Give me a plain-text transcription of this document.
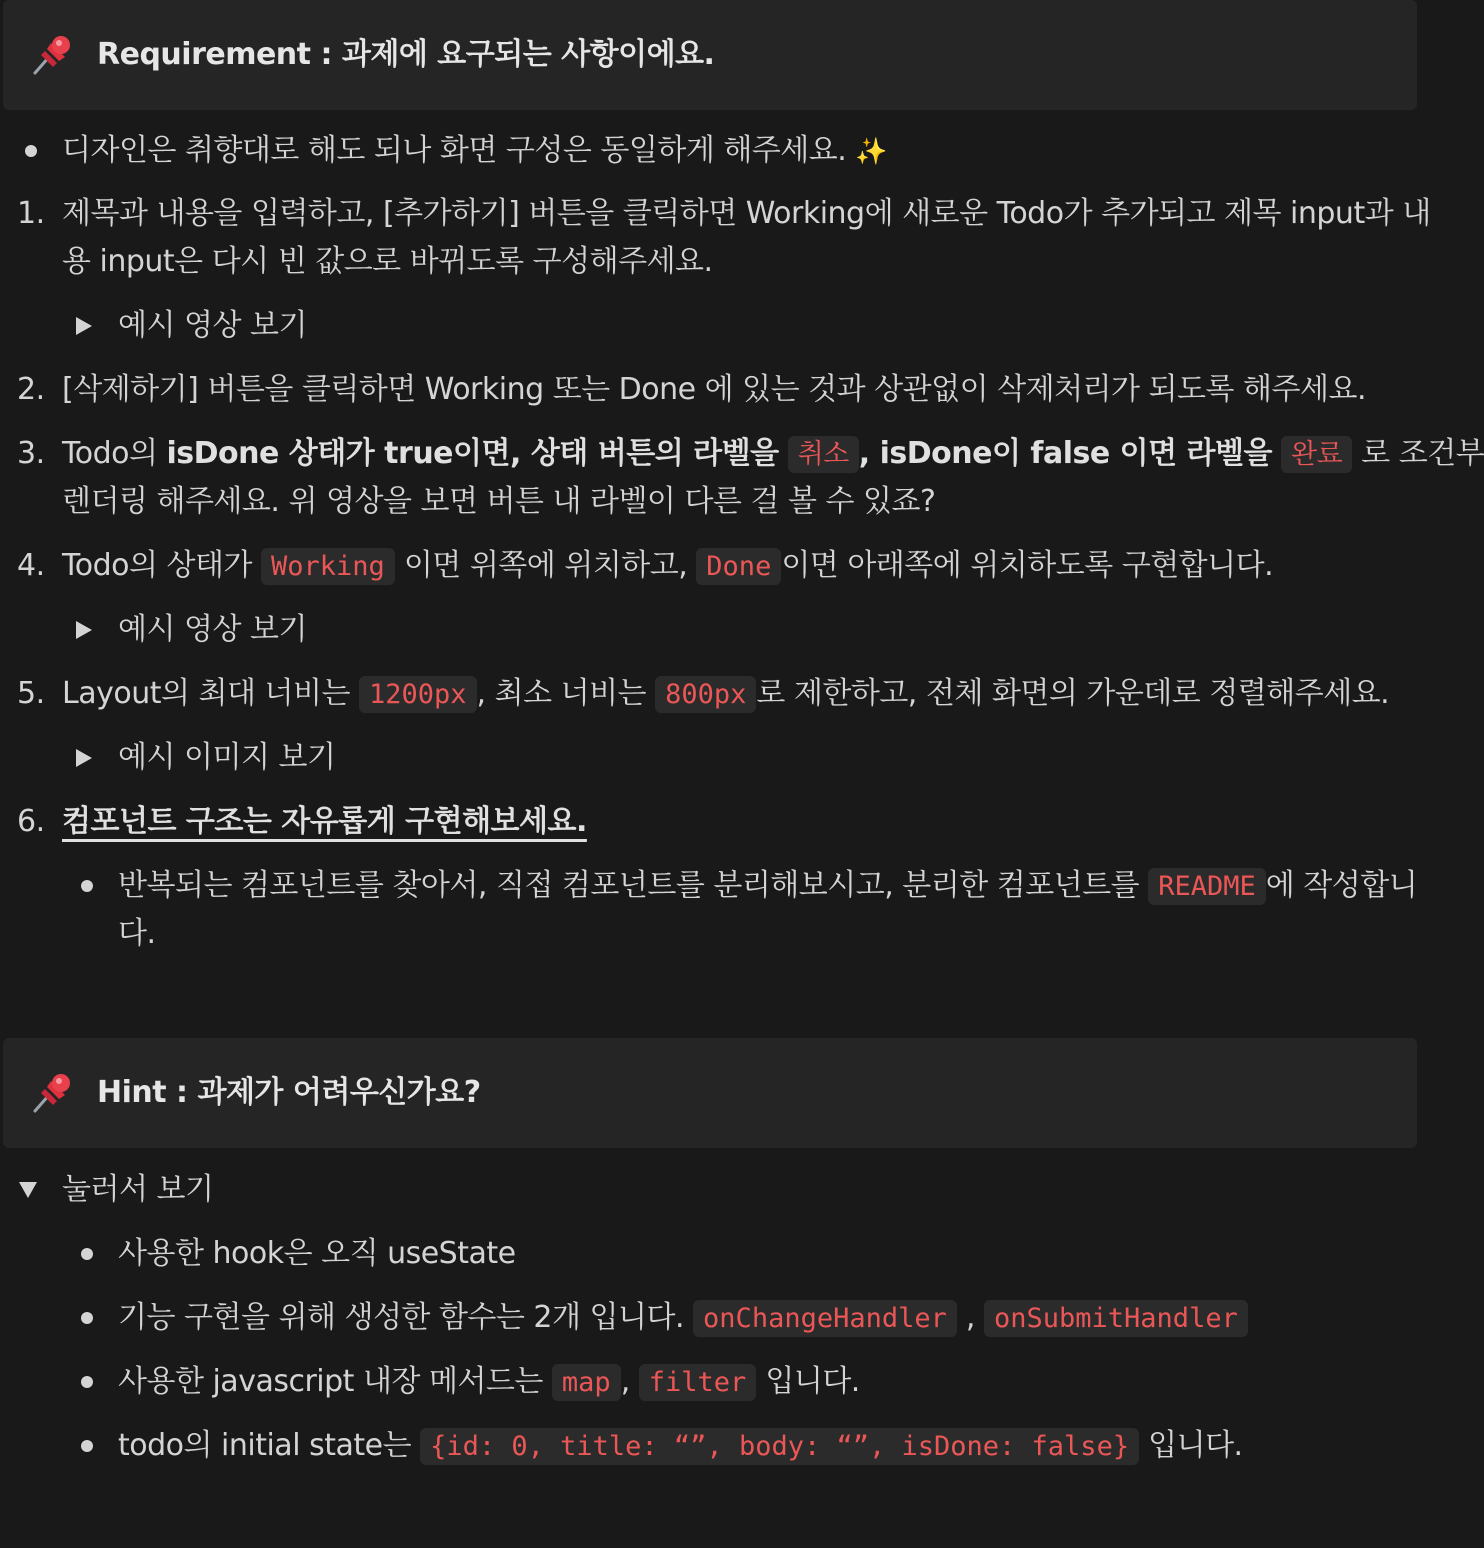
Requirement : 과제에 요구되는 사항이에요.
디자인은 취향대로 해도 되나 화면 구성은 동일하게 해주세요. ✨
1. 제목과 내용을 입력하고, [추가하기] 버튼을 클릭하면 Working에 새로운 Todo가 추가되고 제목 input과 내
용 input은 다시 빈 값으로 바뀌도록 구성해주세요.
예시 영상 보기
2. [삭제하기] 버튼을 클릭하면 Working 또는 Done 에 있는 것과 상관없이 삭제처리가 되도록 해주세요.
3. Todo의 isDone 상태가 true이면, 상태 버튼의 라벨을 취소 , isDone이 false 이면 라벨을 완료 로 조건부
렌더링 해주세요. 위 영상을 보면 버튼 내 라벨이 다른 걸 볼 수 있죠?
4. Todo의 상태가 Working 이면 위쪽에 위치하고, Done 이면 아래쪽에 위치하도록 구현합니다.
예시 영상 보기
5. Layout의 최대 너비는 1200px , 최소 너비는 800px 로 제한하고, 전체 화면의 가운데로 정렬해주세요.
예시 이미지 보기
6. 컴포넌트 구조는 자유롭게 구현해보세요.
반복되는 컴포넌트를 찾아서, 직접 컴포넌트를 분리해보시고, 분리한 컴포넌트를 README 에 작성합니
다.
Hint : 과제가 어려우신가요?
눌러서 보기
사용한 hook은 오직 useState
기능 구현을 위해 생성한 함수는 2개 입니다. onChangeHandler , onSubmitHandler
사용한 javascript 내장 메서드는 map , filter 입니다.
todo의 initial state는 {id: 0, title: “”, body: “”, isDone: false} 입니다.
